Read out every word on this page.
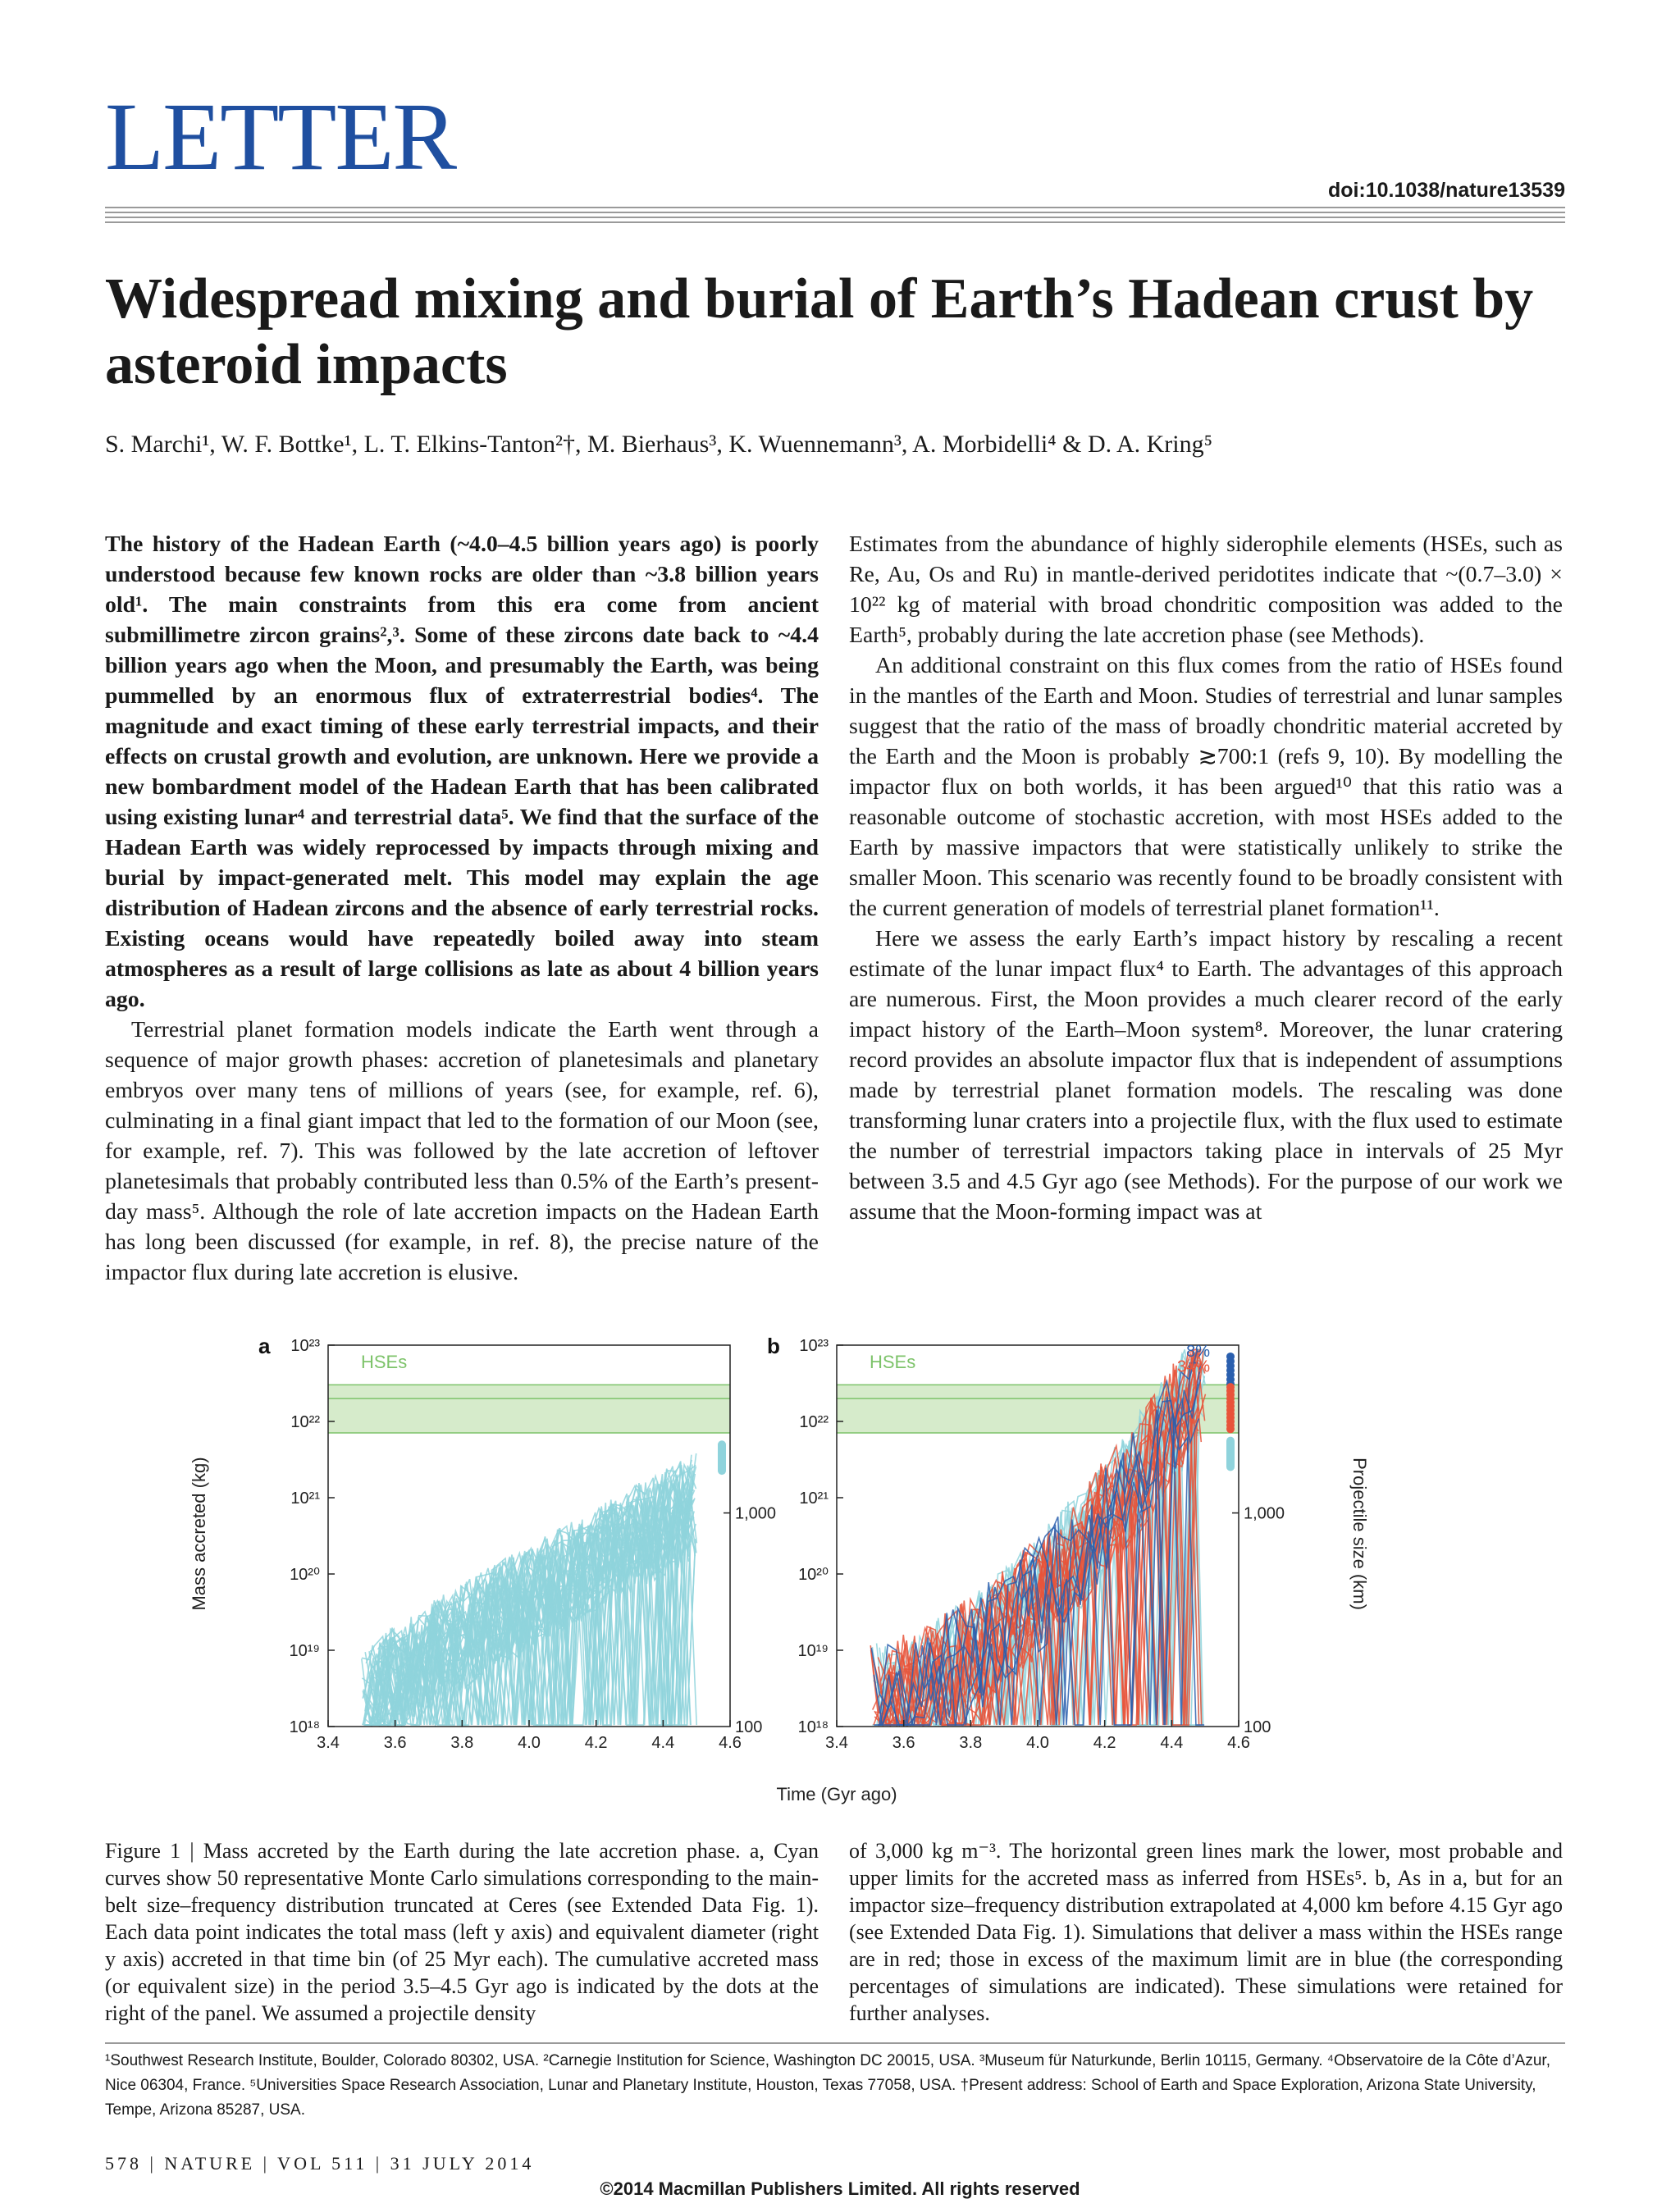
LETTER	doi:10.1038/nature13539
Widespread mixing and burial of Earth’s Hadean crust by asteroid impacts
S. Marchi¹, W. F. Bottke¹, L. T. Elkins-Tanton²†, M. Bierhaus³, K. Wuennemann³, A. Morbidelli⁴ & D. A. Kring⁵

The history of the Hadean Earth (~4.0–4.5 billion years ago) is poorly understood because few known rocks are older than ~3.8 billion years old¹. The main constraints from this era come from ancient submillimetre zircon grains²,³. Some of these zircons date back to ~4.4 billion years ago when the Moon, and presumably the Earth, was being pummelled by an enormous flux of extraterrestrial bodies⁴. The magnitude and exact timing of these early terrestrial impacts, and their effects on crustal growth and evolution, are unknown. Here we provide a new bombardment model of the Hadean Earth that has been calibrated using existing lunar⁴ and terrestrial data⁵. We find that the surface of the Hadean Earth was widely reprocessed by impacts through mixing and burial by impact-generated melt. This model may explain the age distribution of Hadean zircons and the absence of early terrestrial rocks. Existing oceans would have repeatedly boiled away into steam atmospheres as a result of large collisions as late as about 4 billion years ago.

Terrestrial planet formation models indicate the Earth went through a sequence of major growth phases: accretion of planetesimals and planetary embryos over many tens of millions of years (see, for example, ref. 6), culminating in a final giant impact that led to the formation of our Moon (see, for example, ref. 7). This was followed by the late accretion of leftover planetesimals that probably contributed less than 0.5% of the Earth’s present-day mass⁵. Although the role of late accretion impacts on the Hadean Earth has long been discussed (for example, in ref. 8), the precise nature of the impactor flux during late accretion is elusive.

Estimates from the abundance of highly siderophile elements (HSEs, such as Re, Au, Os and Ru) in mantle-derived peridotites indicate that ~(0.7–3.0) × 10²² kg of material with broad chondritic composition was added to the Earth⁵, probably during the late accretion phase (see Methods).

An additional constraint on this flux comes from the ratio of HSEs found in the mantles of the Earth and Moon. Studies of terrestrial and lunar samples suggest that the ratio of the mass of broadly chondritic material accreted by the Earth and the Moon is probably ≳700:1 (refs 9, 10). By modelling the impactor flux on both worlds, it has been argued¹⁰ that this ratio was a reasonable outcome of stochastic accretion, with most HSEs added to the Earth by massive impactors that were statistically unlikely to strike the smaller Moon. This scenario was recently found to be broadly consistent with the current generation of models of terrestrial planet formation¹¹.

Here we assess the early Earth’s impact history by rescaling a recent estimate of the lunar impact flux⁴ to Earth. The advantages of this approach are numerous. First, the Moon provides a much clearer record of the early impact history of the Earth–Moon system⁸. Moreover, the lunar cratering record provides an absolute impactor flux that is independent of assumptions made by terrestrial planet formation models. The rescaling was done transforming lunar craters into a projectile flux, with the flux used to estimate the number of terrestrial impactors taking place in intervals of 25 Myr between 3.5 and 4.5 Gyr ago (see Methods). For the purpose of our work we assume that the Moon-forming impact was at

HSEs
10²³
10²²
10²¹
10²⁰
10¹⁹
10¹⁸
3.4	3.6	3.8	4.0	4.2	4.4	4.6
1,000
100
a
HSEs
10²³
10²²
10²¹
10²⁰
10¹⁹
10¹⁸
3.4	3.6	3.8	4.0	4.2	4.4	4.6
1,000
100
b	8%
34%
Mass accreted (kg)	Projectile size (km)
Time (Gyr ago)
Figure 1 | Mass accreted by the Earth during the late accretion phase. a, Cyan curves show 50 representative Monte Carlo simulations corresponding to the main-belt size–frequency distribution truncated at Ceres (see Extended Data Fig. 1). Each data point indicates the total mass (left y axis) and equivalent diameter (right y axis) accreted in that time bin (of 25 Myr each). The cumulative accreted mass (or equivalent size) in the period 3.5–4.5 Gyr ago is indicated by the dots at the right of the panel. We assumed a projectile density
of 3,000 kg m⁻³. The horizontal green lines mark the lower, most probable and upper limits for the accreted mass as inferred from HSEs⁵. b, As in a, but for an impactor size–frequency distribution extrapolated at 4,000 km before 4.15 Gyr ago (see Extended Data Fig. 1). Simulations that deliver a mass within the HSEs range are in red; those in excess of the maximum limit are in blue (the corresponding percentages of simulations are indicated). These simulations were retained for further analyses.
¹Southwest Research Institute, Boulder, Colorado 80302, USA. ²Carnegie Institution for Science, Washington DC 20015, USA. ³Museum für Naturkunde, Berlin 10115, Germany. ⁴Observatoire de la Côte d’Azur, Nice 06304, France. ⁵Universities Space Research Association, Lunar and Planetary Institute, Houston, Texas 77058, USA. †Present address: School of Earth and Space Exploration, Arizona State University, Tempe, Arizona 85287, USA.
578 | NATURE | VOL 511 | 31 JULY 2014
©2014 Macmillan Publishers Limited. All rights reserved
